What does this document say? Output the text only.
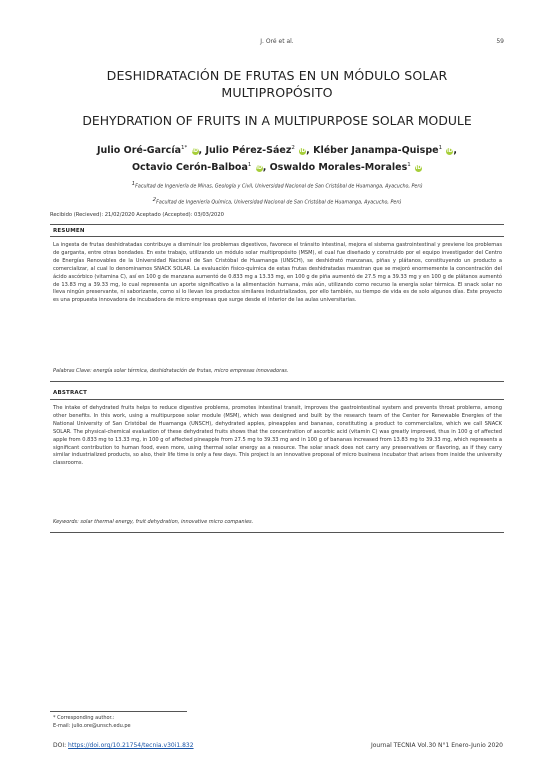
J. Oré et al.	59
DESHIDRATACIÓN DE FRUTAS EN UN MÓDULO SOLAR
MULTIPROPÓSITO
DEHYDRATION OF FRUITS IN A MULTIPURPOSE SOLAR MODULE
Julio Oré-García$^{1*}$ iD, Julio Pérez-Sáez$^2$ iD, Kléber Janampa-Quispe$^1$ iD,
Octavio Cerón-Balboa$^1$ iD, Oswaldo Morales-Morales$^1$ iD
$^1$Facultad de Ingeniería de Minas, Geología y Civil, Universidad Nacional de San Cristóbal de Huamanga, Ayacucho, Perú
$^2$Facultad de Ingeniería Química, Universidad Nacional de San Cristóbal de Huamanga, Ayacucho, Perú
Recibido (Recieved): 21/02/2020 Aceptado (Accepted): 03/03/2020
RESUMEN
La ingesta de frutas deshidratadas contribuye a disminuir los problemas digestivos, favorece el tránsito intestinal, mejora el sistema gastrointestinal y previene los problemas de garganta, entre otras bondades. En este trabajo, utilizando un módulo solar multipropósito (MSM), el cual fue diseñado y construido por el equipo investigador del Centro de Energías Renovables de la Universidad Nacional de San Cristóbal de Huamanga (UNSCH), se deshidrató manzanas, piñas y plátanos, constituyendo un producto a comercializar, al cual lo denominamos SNACK SOLAR. La evaluación físico-química de estas frutas deshidratadas muestran que se mejoró enormemente la concentración del ácido ascórbico (vitamina C), así en 100 g de manzana aumentó de 0.833 mg a 13.33 mg, en 100 g de piña aumentó de 27.5 mg a 39.33 mg y en 100 g de plátanos aumentó de 13.83 mg a 39.33 mg, lo cual representa un aporte significativo a la alimentación humana, más aún, utilizando como recurso la energía solar térmica. El snack solar no lleva ningún preservante, ni saborizante, como sí lo llevan los productos similares industrializados, por ello también, su tiempo de vida es de solo algunos días. Este proyecto es una propuesta innovadora de incubadora de micro empresas que surge desde el interior de las aulas universitarias.
Palabras Clave: energía solar térmica, deshidratación de frutas, micro empresas innovadoras.
ABSTRACT
The intake of dehydrated fruits helps to reduce digestive problems, promotes intestinal transit, improves the gastrointestinal system and prevents throat problems, among other benefits. In this work, using a multipurpose solar module (MSM), which was designed and built by the research team of the Center for Renewable Energies of the National University of San Cristóbal de Huamanga (UNSCH), dehydrated apples, pineapples and bananas, constituting a product to commercialize, which we call SNACK SOLAR. The physical-chemical evaluation of these dehydrated fruits shows that the concentration of ascorbic acid (vitamin C) was greatly improved, thus in 100 g of affected apple from 0.833 mg to 13.33 mg, in 100 g of affected pineapple from 27.5 mg to 39.33 mg and in 100 g of bananas increased from 13.83 mg to 39.33 mg, which represents a significant contribution to human food, even more, using thermal solar energy as a resource. The solar snack does not carry any preservatives or flavoring, as if they carry similar industrialized products, so also, their life time is only a few days. This project is an innovative proposal of micro business incubator that arises from inside the university classrooms.
Keywords: solar thermal energy, fruit dehydration, innovative micro companies.
* Corresponding author.:
E-mail: julio.ore@unsch.edu.pe
DOI: https://doi.org/10.21754/tecnia.v30i1.832	Journal TECNIA Vol.30 N°1 Enero-Junio 2020
